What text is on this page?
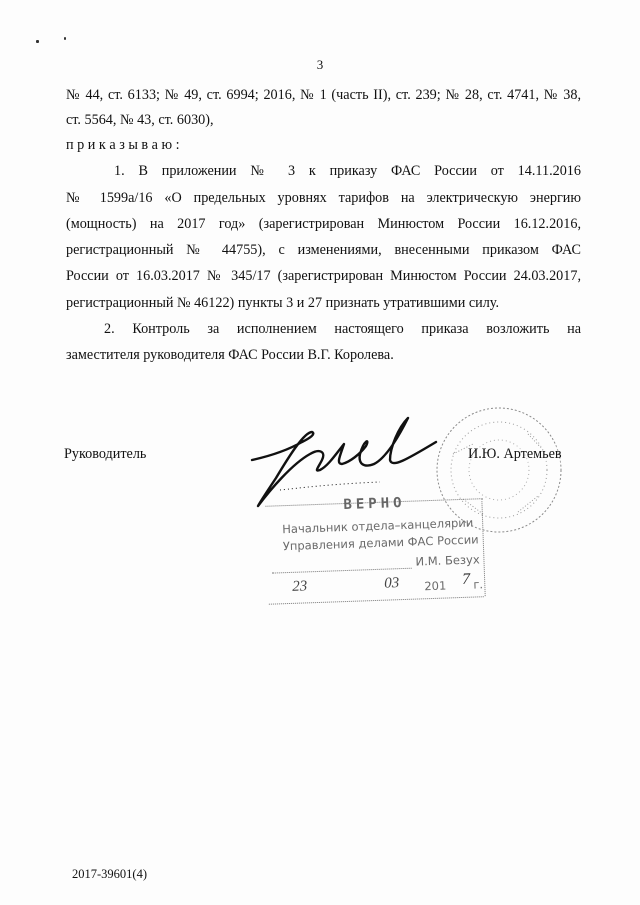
3
№ 44, ст. 6133; № 49, ст. 6994; 2016, № 1 (часть II), ст. 239; № 28, ст. 4741, № 38,
ст. 5564, № 43, ст. 6030),
п р и к а з ы в а ю :
1. В приложении № 3 к приказу ФАС России от 14.11.2016
№ 1599а/16 «О предельных уровнях тарифов на электрическую энергию
(мощность) на 2017 год» (зарегистрирован Минюстом России 16.12.2016,
регистрационный № 44755), с изменениями, внесенными приказом ФАС
России от 16.03.2017 № 345/17 (зарегистрирован Минюстом России 24.03.2017,
регистрационный № 46122) пункты 3 и 27 признать утратившими силу.
2. Контроль за исполнением настоящего приказа возложить на
заместителя руководителя ФАС России В.Г. Королева.
Руководитель	И.Ю. Артемьев
ВЕРНО
Начальник отдела–канцелярии
Управления делами ФАС России
И.М. Безух
23	03 201 7 г.
2017-39601(4)
